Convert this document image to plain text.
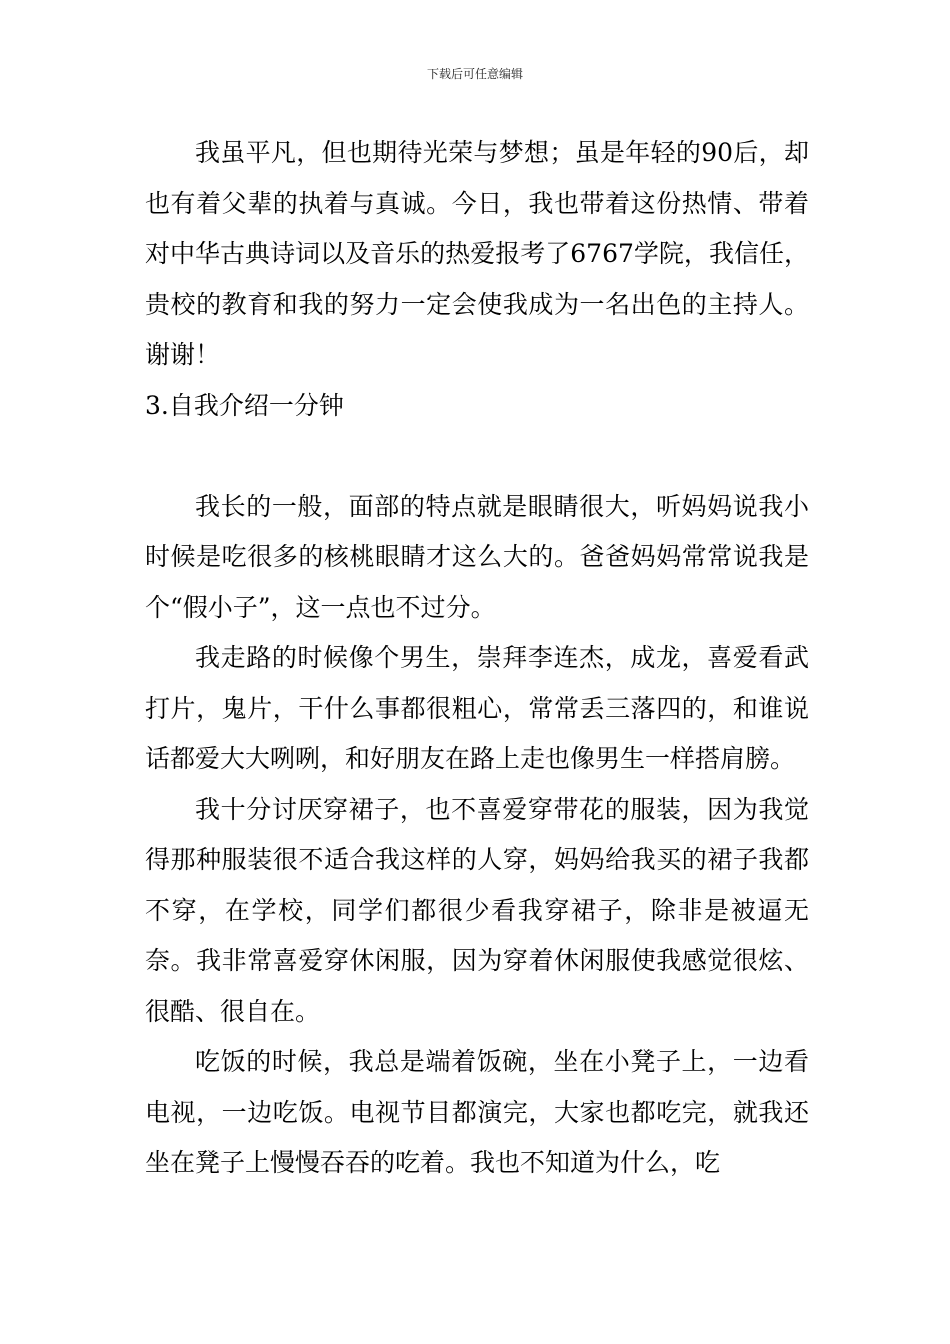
下载后可任意编辑

我虽平凡，但也期待光荣与梦想；虽是年轻的90后，却也有着父辈的执着与真诚。今日，我也带着这份热情、带着对中华古典诗词以及音乐的热爱报考了6767学院，我信任，贵校的教育和我的努力一定会使我成为一名出色的主持人。谢谢！

3.自我介绍一分钟

我长的一般，面部的特点就是眼睛很大，听妈妈说我小时候是吃很多的核桃眼睛才这么大的。爸爸妈妈常常说我是个“假小子”，这一点也不过分。

我走路的时候像个男生，崇拜李连杰，成龙，喜爱看武打片，鬼片，干什么事都很粗心，常常丢三落四的，和谁说话都爱大大咧咧，和好朋友在路上走也像男生一样搭肩膀。

我十分讨厌穿裙子，也不喜爱穿带花的服装，因为我觉得那种服装很不适合我这样的人穿，妈妈给我买的裙子我都不穿，在学校，同学们都很少看我穿裙子，除非是被逼无奈。我非常喜爱穿休闲服，因为穿着休闲服使我感觉很炫、很酷、很自在。

吃饭的时候，我总是端着饭碗，坐在小凳子上，一边看电视，一边吃饭。电视节目都演完，大家也都吃完，就我还坐在凳子上慢慢吞吞的吃着。我也不知道为什么，吃
